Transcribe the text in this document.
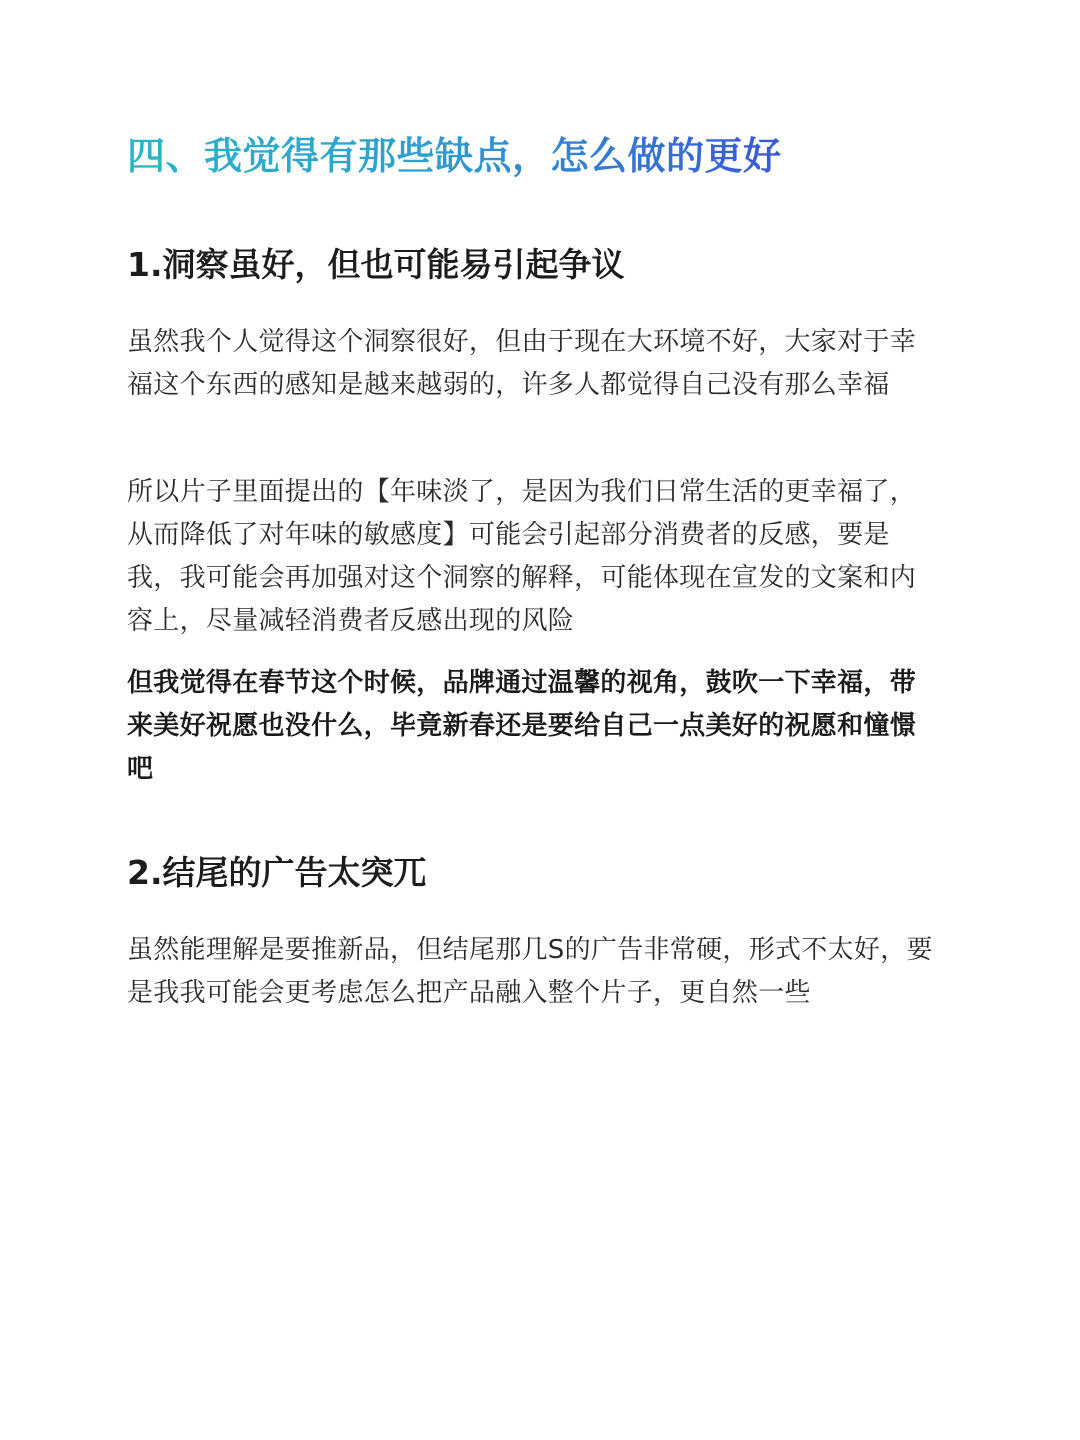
四、我觉得有那些缺点，怎么做的更好
1.洞察虽好，但也可能易引起争议

虽然我个人觉得这个洞察很好，但由于现在大环境不好，大家对于幸福这个东西的感知是越来越弱的，许多人都觉得自己没有那么幸福

所以片子里面提出的【年味淡了，是因为我们日常生活的更幸福了，从而降低了对年味的敏感度】可能会引起部分消费者的反感，要是我，我可能会再加强对这个洞察的解释，可能体现在宣发的文案和内容上，尽量减轻消费者反感出现的风险

但我觉得在春节这个时候，品牌通过温馨的视角，鼓吹一下幸福，带来美好祝愿也没什么，毕竟新春还是要给自己一点美好的祝愿和憧憬吧

2.结尾的广告太突兀

虽然能理解是要推新品，但结尾那几S的广告非常硬，形式不太好，要是我我可能会更考虑怎么把产品融入整个片子，更自然一些
